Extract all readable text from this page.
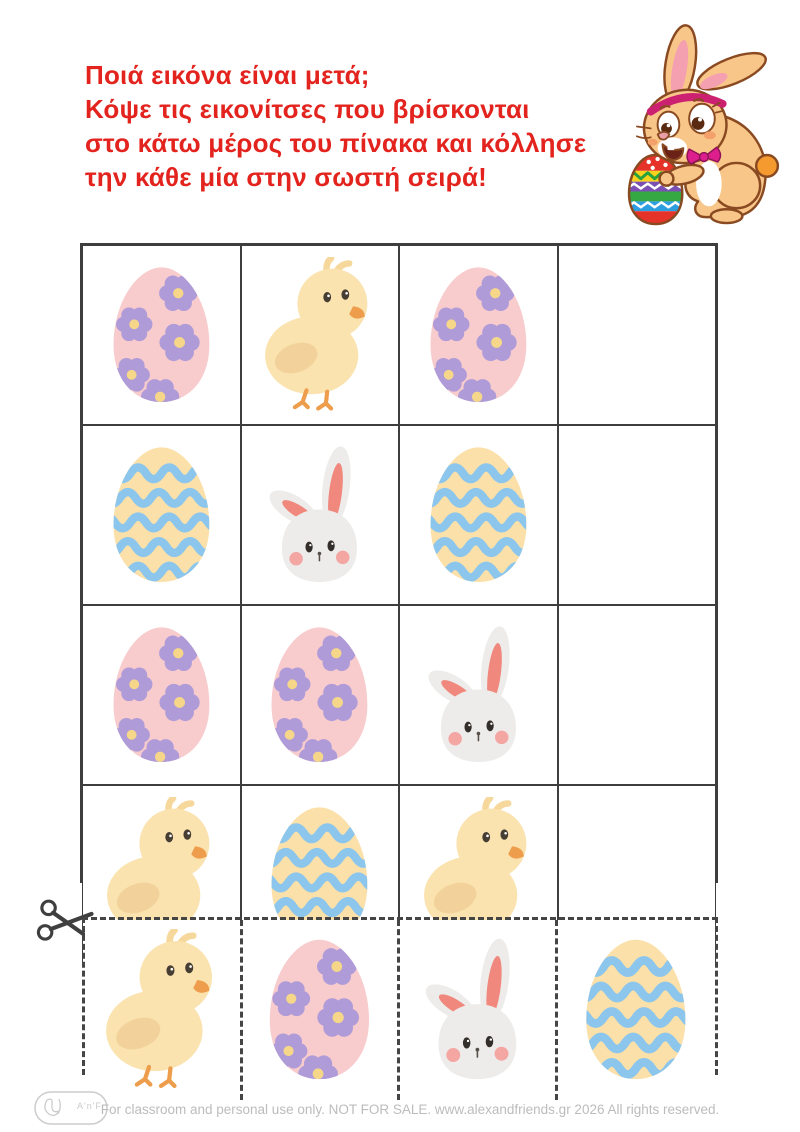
Ποιά εικόνα είναι μετά;
Κόψε τις εικονίτσες που βρίσκονται
στο κάτω μέρος του πίνακα και κόλλησε
την κάθε μία στην σωστή σειρά!
A'n'F
For classroom and personal use only. NOT FOR SALE. www.alexandfriends.gr 2026 All rights reserved.
